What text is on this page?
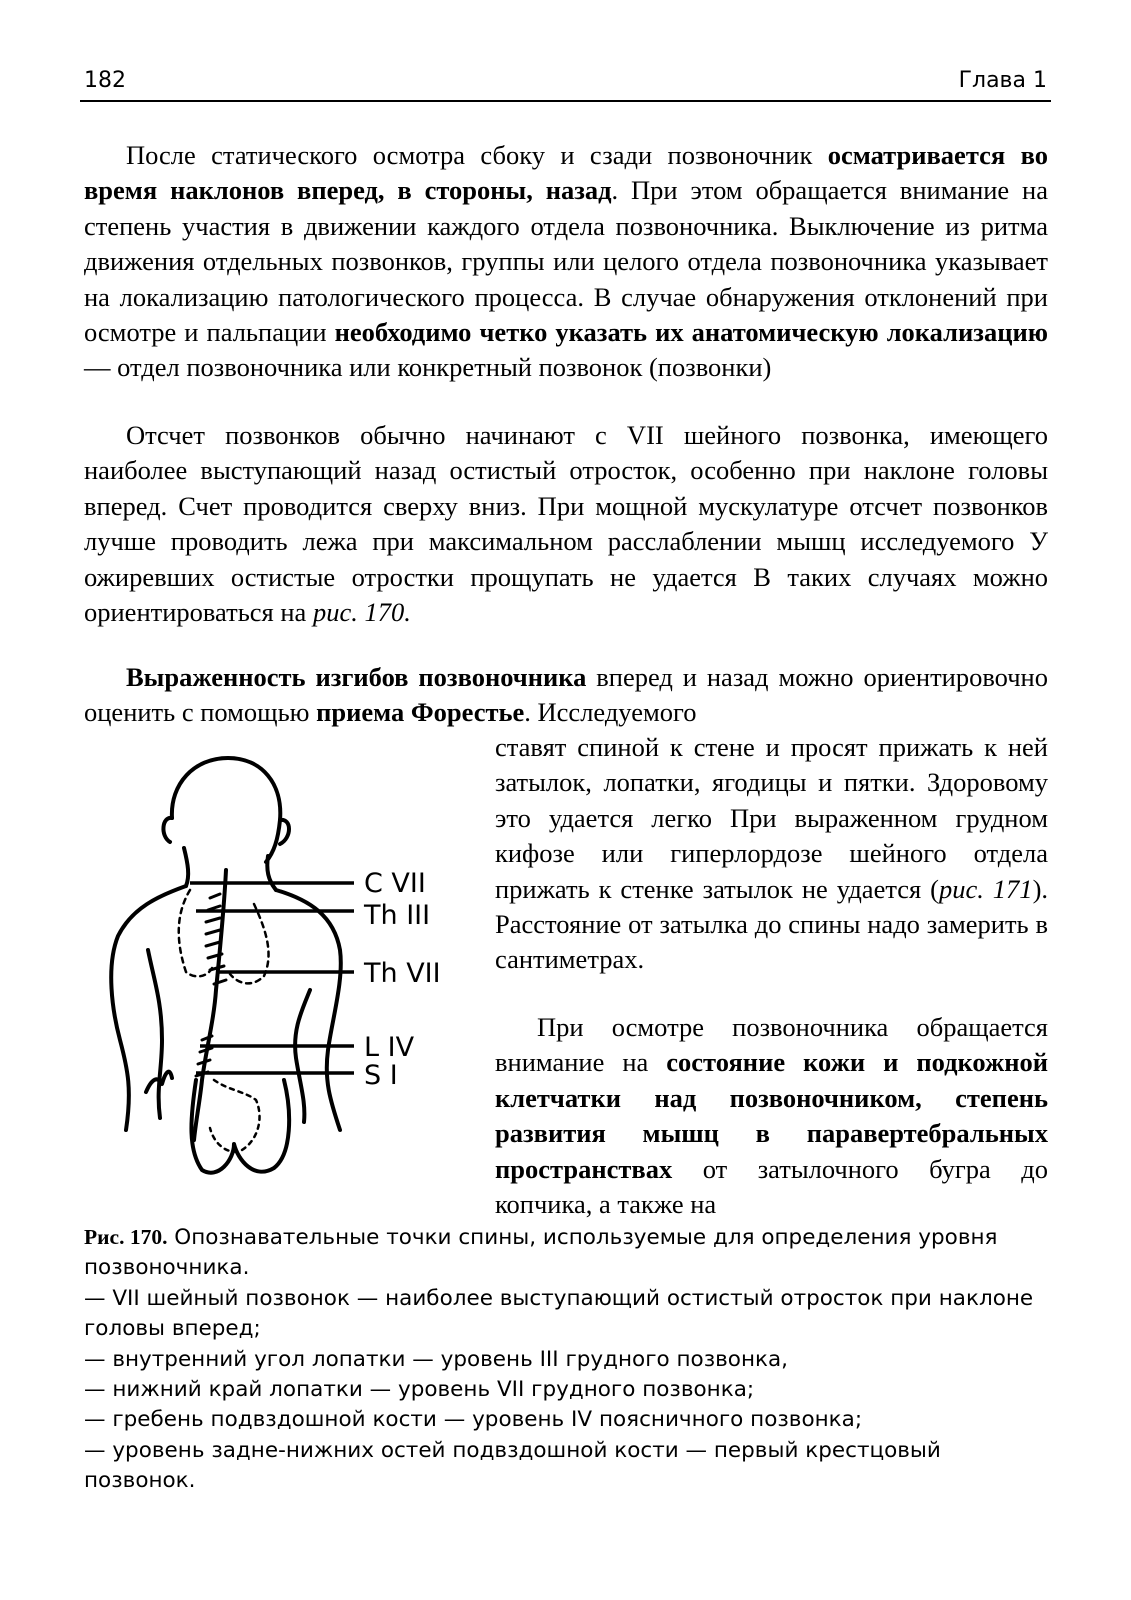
182	Глава 1

После статического осмотра сбоку и сзади позвоночник осматривается во время наклонов вперед, в стороны, назад. При этом обращается внимание на степень участия в движении каждого отдела позвоночника. Выключение из ритма движения отдельных позвонков, группы или целого отдела позвоночника указывает на локализацию патологического процесса. В случае обнаружения отклонений при осмотре и пальпации необходимо четко указать их анатомическую локализацию — отдел позвоночника или конкретный позвонок (позвонки)

Отсчет позвонков обычно начинают с VII шейного позвонка, имеющего наиболее выступающий назад остистый отросток, особенно при наклоне головы вперед. Счет проводится сверху вниз. При мощной мускулатуре отсчет позвонков лучше проводить лежа при максимальном расслаблении мышц исследуемого У ожиревших остистые отростки прощупать не удается В таких случаях можно ориентироваться на рис. 170.

Выраженность изгибов позвоночника вперед и назад можно ориентировочно оценить с помощью приема Форестье. Исследуемого

ставят спиной к стене и просят прижать к ней затылок, лопатки, ягодицы и пятки. Здоровому это удается легко При выраженном грудном кифозе или гиперлордозе шейного отдела прижать к стенке затылок не удается (рис. 171). Расстояние от затылка до спины надо замерить в сантиметрах.

При осмотре позвоночника обращается внимание на состояние кожи и подкожной клетчатки над позвоночником, степень развития мышц в паравертебральных пространствах от затылочного бугра до копчика, а также на

C VII
Th III
Th VII
L IV
S I

Рис. 170. Опознавательные точки спины, используемые для определения уровня позвоночника.

— VII шейный позвонок — наиболее выступающий остистый отросток при наклоне головы вперед;

— внутренний угол лопатки — уровень III грудного позвонка,

— нижний край лопатки — уровень VII грудного позвонка;

— гребень подвздошной кости — уровень IV поясничного позвонка;

— уровень задне-нижних остей подвздошной кости — первый крестцовый позвонок.
